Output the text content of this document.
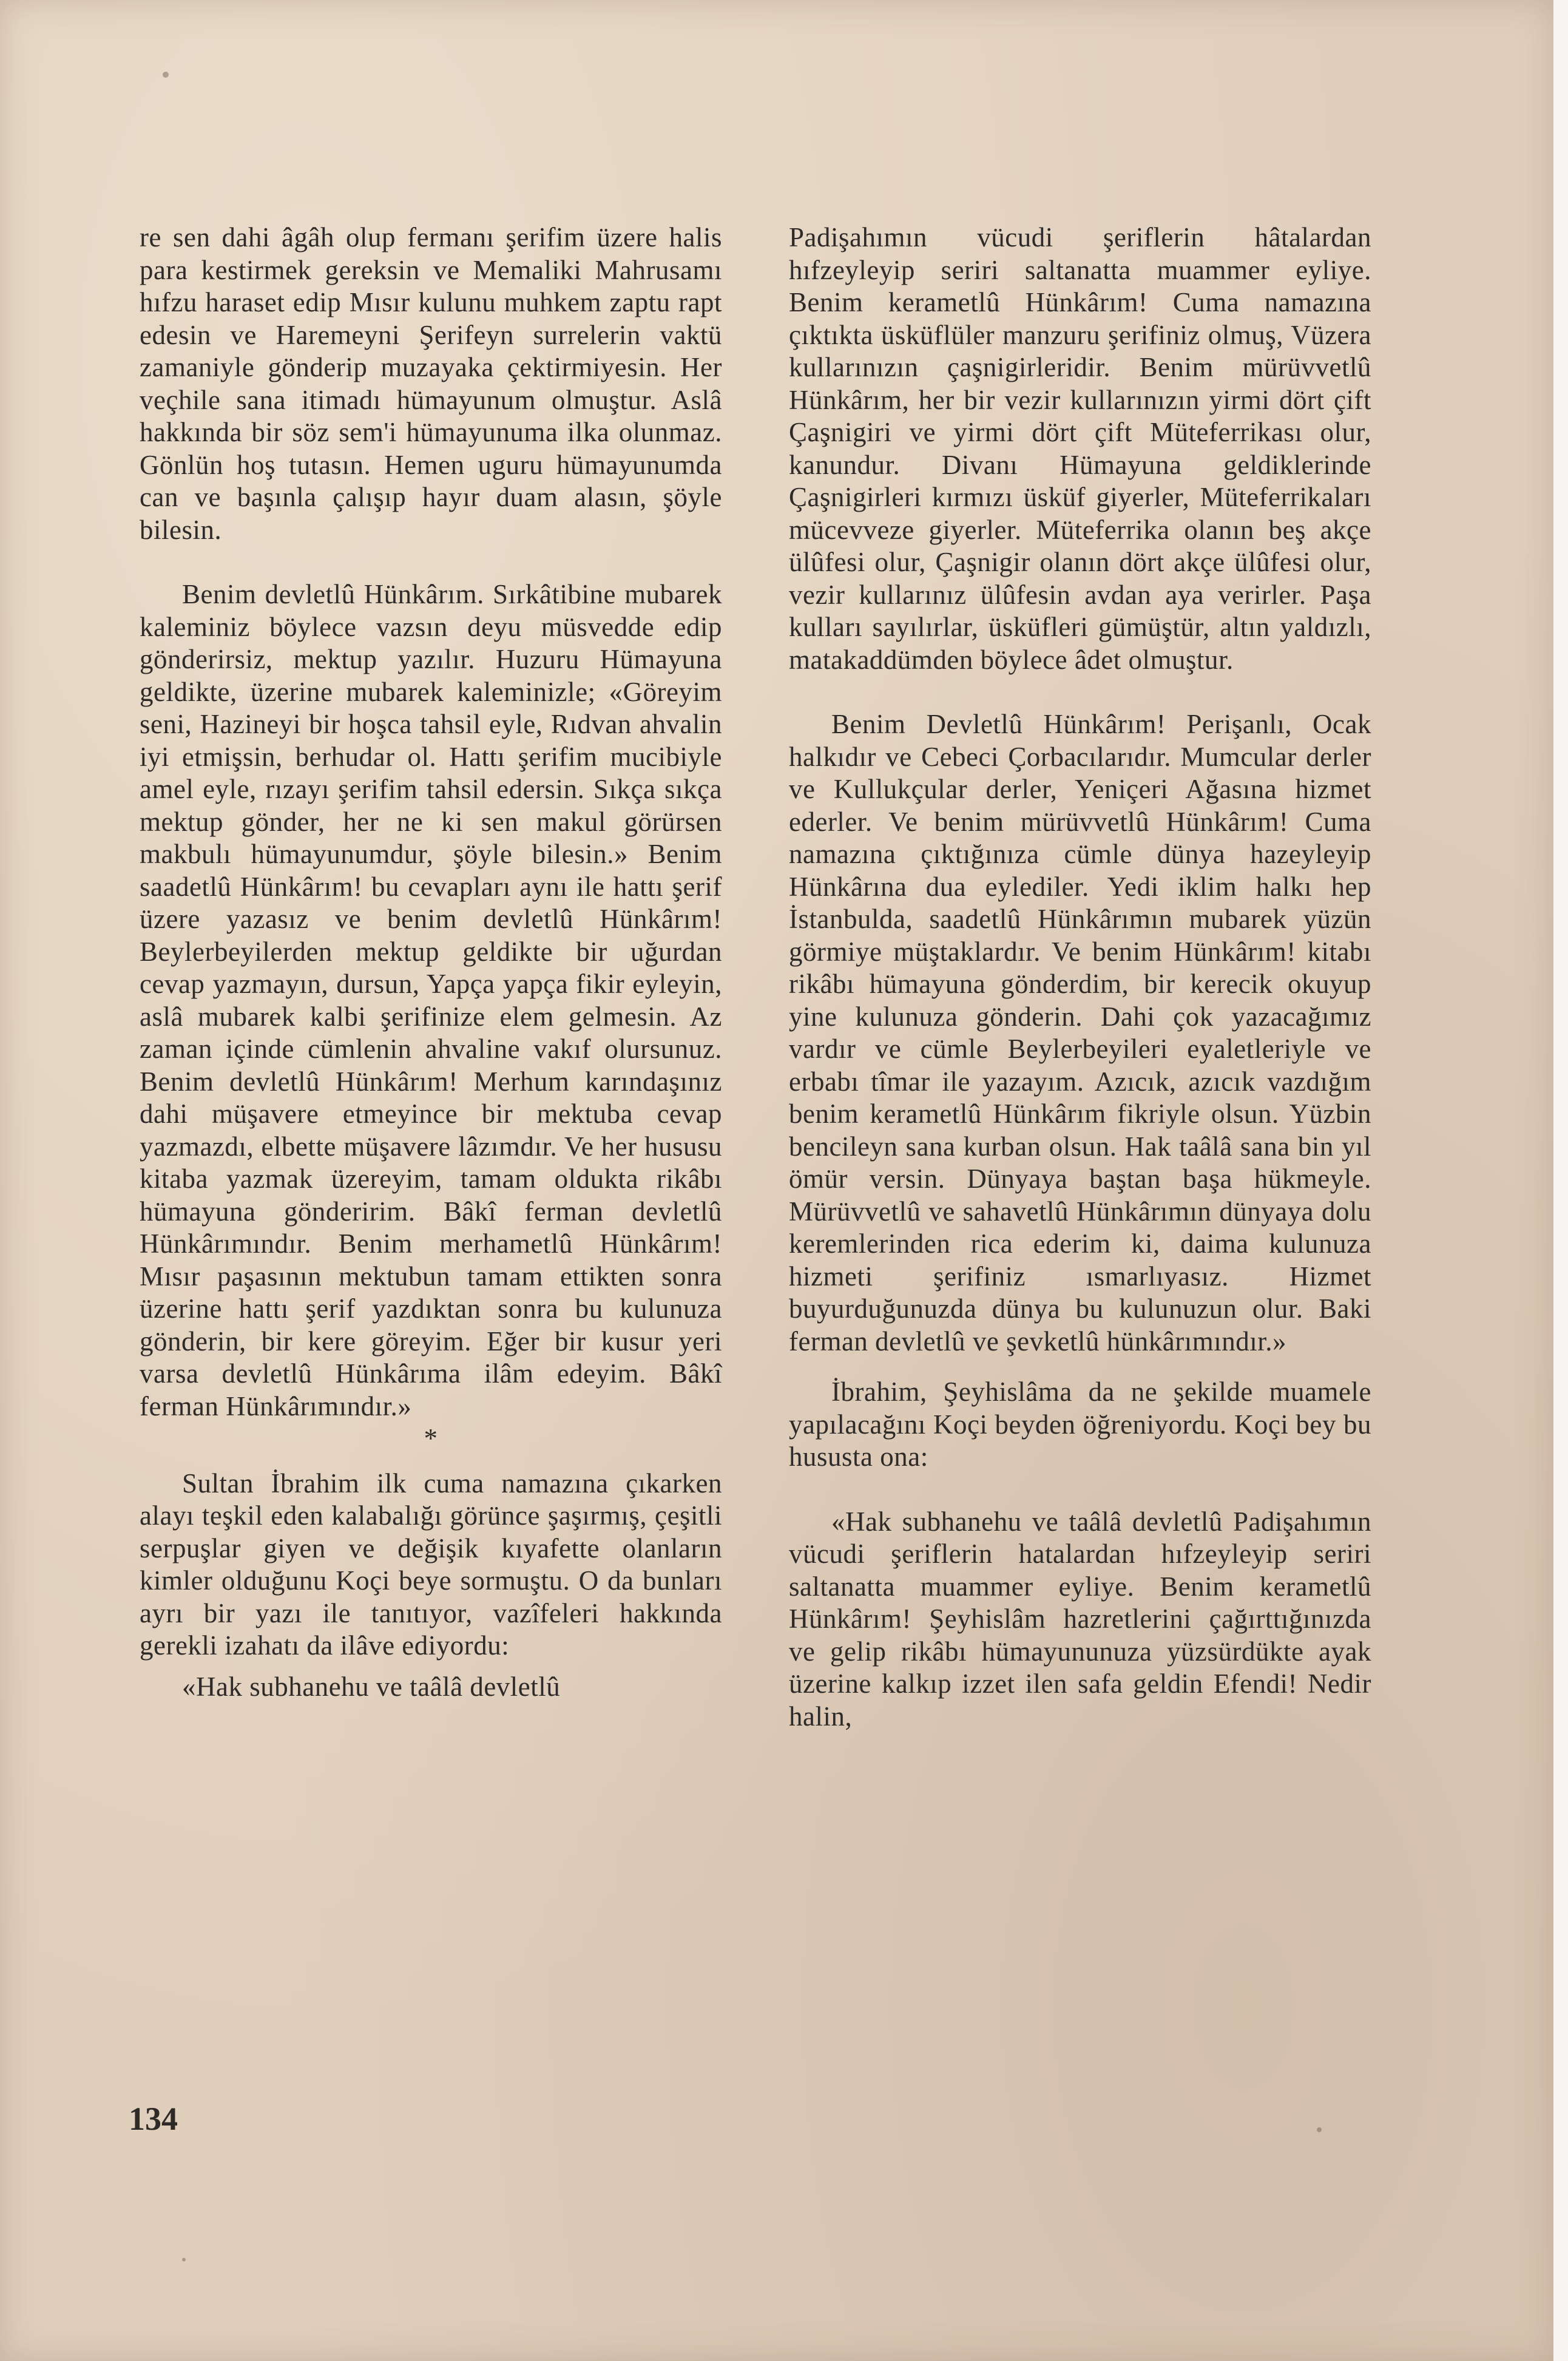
re sen dahi âgâh olup fermanı şerifim üzere halis para kestirmek gereksin ve Memaliki Mahrusamı hıfzu haraset edip Mısır kulunu muhkem zaptu rapt edesin ve Haremeyni Şerifeyn surrelerin vaktü zamaniyle gönderip muzayaka çektirmiyesin. Her veçhile sana itimadı hümayunum olmuştur. Aslâ hakkında bir söz sem'i hümayunuma ilka olunmaz. Gönlün hoş tutasın. Hemen uguru hümayunumda can ve başınla çalışıp hayır duam alasın, şöyle bilesin.

Benim devletlû Hünkârım. Sırkâtibine mubarek kaleminiz böylece vazsın deyu müsvedde edip gönderirsiz, mektup yazılır. Huzuru Hümayuna geldikte, üzerine mubarek kaleminizle; «Göreyim seni, Hazineyi bir hoşca tahsil eyle, Rıdvan ahvalin iyi etmişsin, berhudar ol. Hattı şerifim mucibiyle amel eyle, rızayı şerifim tahsil edersin. Sıkça sıkça mektup gönder, her ne ki sen makul görürsen makbulı hümayunumdur, şöyle bilesin.» Benim saadetlû Hünkârım! bu cevapları aynı ile hattı şerif üzere yazasız ve benim devletlû Hünkârım! Beylerbeyilerden mektup geldikte bir uğurdan cevap yazmayın, dursun, Yapça yapça fikir eyleyin, aslâ mubarek kalbi şerifinize elem gelmesin. Az zaman içinde cümlenin ahvaline vakıf olursunuz. Benim devletlû Hünkârım! Merhum karındaşınız dahi müşavere etmeyince bir mektuba cevap yazmazdı, elbette müşavere lâzımdır. Ve her hususu kitaba yazmak üzereyim, tamam oldukta rikâbı hümayuna gönderirim. Bâkî ferman devletlû Hünkârımındır. Benim merhametlû Hünkârım! Mısır paşasının mektubun tamam ettikten sonra üzerine hattı şerif yazdıktan sonra bu kulunuza gönderin, bir kere göreyim. Eğer bir kusur yeri varsa devletlû Hünkârıma ilâm edeyim. Bâkî ferman Hünkârımındır.»

*

Sultan İbrahim ilk cuma namazına çıkarken alayı teşkil eden kalabalığı görünce şaşırmış, çeşitli serpuşlar giyen ve değişik kıyafette olanların kimler olduğunu Koçi beye sormuştu. O da bunları ayrı bir yazı ile tanıtıyor, vazîfeleri hakkında gerekli izahatı da ilâve ediyordu:

«Hak subhanehu ve taâlâ devletlû

Padişahımın vücudi şeriflerin hâtalardan hıfzeyleyip seriri saltanatta muammer eyliye. Benim kerametlû Hünkârım! Cuma namazına çıktıkta üsküflüler manzuru şerifiniz olmuş, Vüzera kullarınızın çaşnigirleridir. Benim mürüvvetlû Hünkârım, her bir vezir kullarınızın yirmi dört çift Çaşnigiri ve yirmi dört çift Müteferrikası olur, kanundur. Divanı Hümayuna geldiklerinde Çaşnigirleri kırmızı üsküf giyerler, Müteferrikaları mücevveze giyerler. Müteferrika olanın beş akçe ülûfesi olur, Çaşnigir olanın dört akçe ülûfesi olur, vezir kullarınız ülûfesin avdan aya verirler. Paşa kulları sayılırlar, üsküfleri gümüştür, altın yaldızlı, matakaddümden böylece âdet olmuştur.

Benim Devletlû Hünkârım! Perişanlı, Ocak halkıdır ve Cebeci Çorbacılarıdır. Mumcular derler ve Kullukçular derler, Yeniçeri Ağasına hizmet ederler. Ve benim mürüvvetlû Hünkârım! Cuma namazına çıktığınıza cümle dünya hazeyleyip Hünkârına dua eylediler. Yedi iklim halkı hep İstanbulda, saadetlû Hünkârımın mubarek yüzün görmiye müştaklardır. Ve benim Hünkârım! kitabı rikâbı hümayuna gönderdim, bir kerecik okuyup yine kulunuza gönderin. Dahi çok yazacağımız vardır ve cümle Beylerbeyileri eyaletleriyle ve erbabı tîmar ile yazayım. Azıcık, azıcık vazdığım benim kerametlû Hünkârım fikriyle olsun. Yüzbin bencileyn sana kurban olsun. Hak taâlâ sana bin yıl ömür versin. Dünyaya baştan başa hükmeyle. Mürüvvetlû ve sahavetlû Hünkârımın dünyaya dolu keremlerinden rica ederim ki, daima kulunuza hizmeti şerifiniz ısmarlıyasız. Hizmet buyurduğunuzda dünya bu kulunuzun olur. Baki ferman devletlû ve şevketlû hünkârımındır.»

İbrahim, Şeyhislâma da ne şekilde muamele yapılacağını Koçi beyden öğreniyordu. Koçi bey bu hususta ona:

«Hak subhanehu ve taâlâ devletlû Padişahımın vücudi şeriflerin hatalardan hıfzeyleyip seriri saltanatta muammer eyliye. Benim kerametlû Hünkârım! Şeyhislâm hazretlerini çağırttığınızda ve gelip rikâbı hümayununuza yüzsürdükte ayak üzerine kalkıp izzet ilen safa geldin Efendi! Nedir halin,

134
